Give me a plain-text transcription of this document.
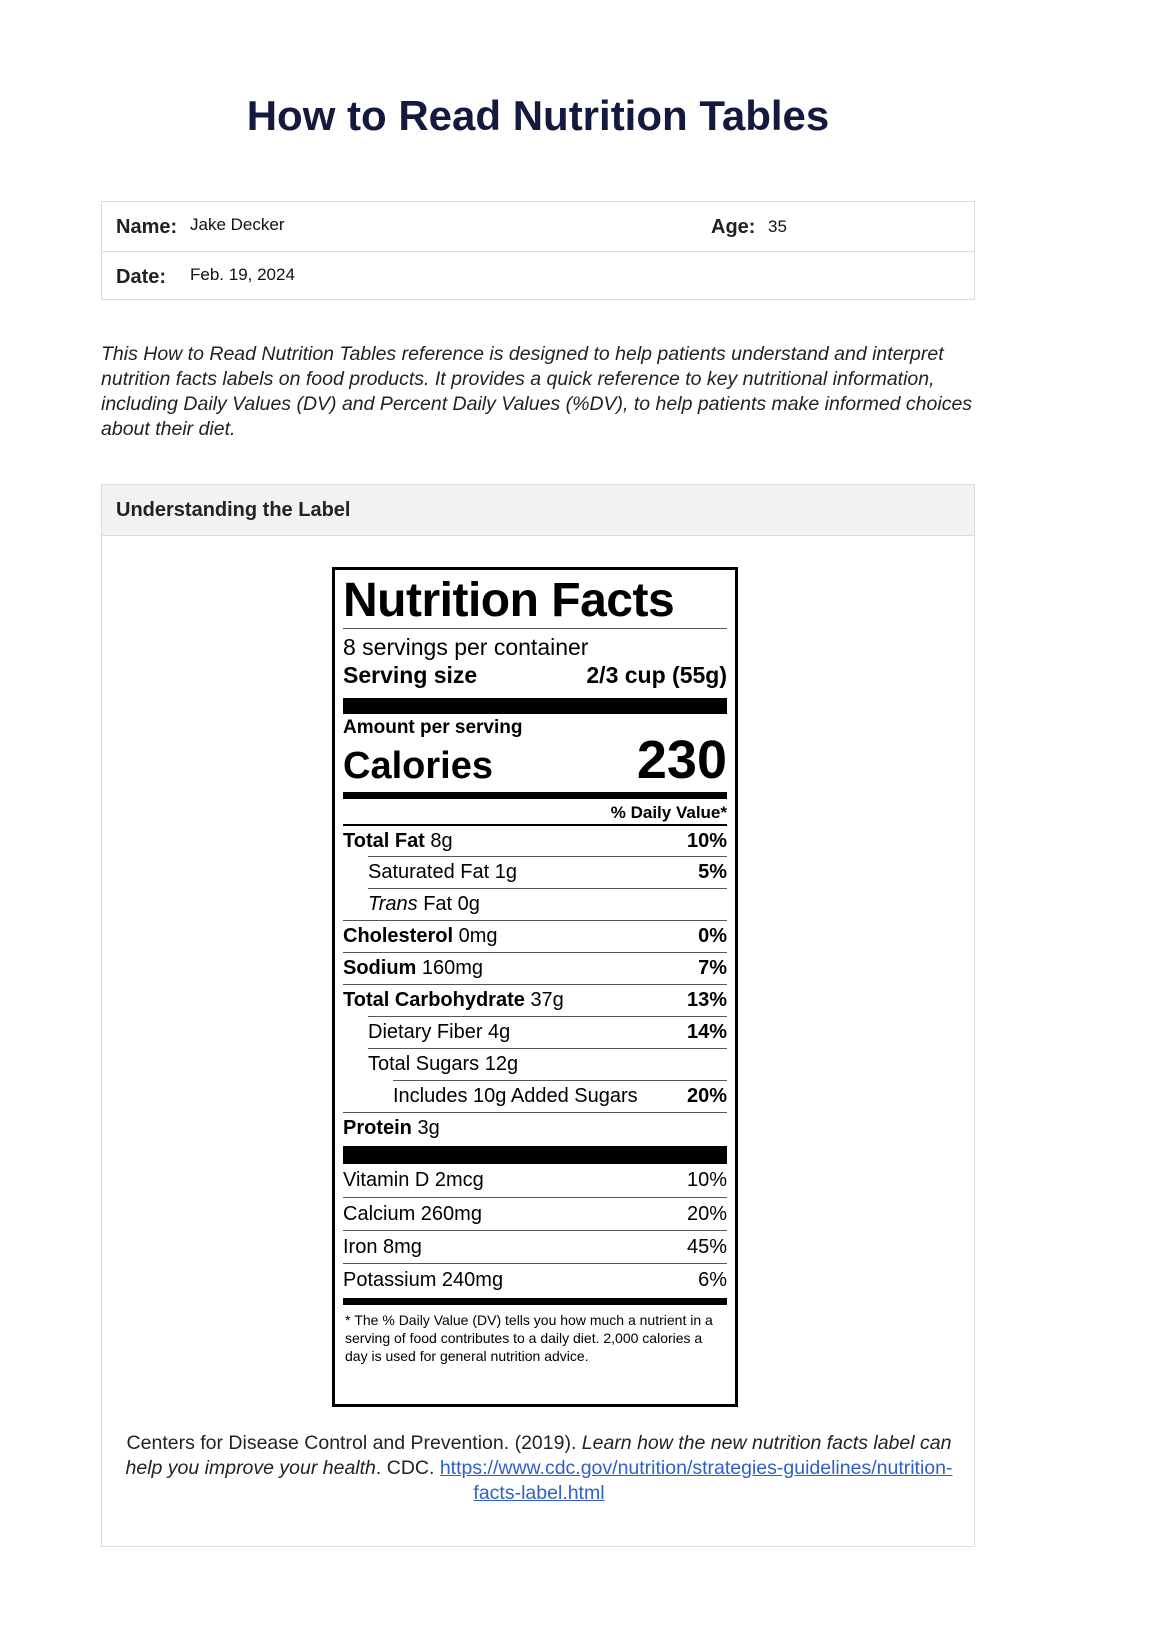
How to Read Nutrition Tables
Name: Jake Decker	Age: 35
Date: Feb. 19, 2024

This How to Read Nutrition Tables reference is designed to help patients understand and interpret nutrition facts labels on food products. It provides a quick reference to key nutritional information, including Daily Values (DV) and Percent Daily Values (%DV), to help patients make informed choices about their diet.

Understanding the Label
Nutrition Facts
8 servings per container
Serving size	2/3 cup (55g)
Amount per serving
Calories	230
% Daily Value*
Total Fat 8g	10%
Saturated Fat 1g	5%
Trans Fat 0g
Cholesterol 0mg	0%
Sodium 160mg	7%
Total Carbohydrate 37g	13%
Dietary Fiber 4g	14%
Total Sugars 12g
Includes 10g Added Sugars 20%
Protein 3g
Vitamin D 2mcg	10%
Calcium 260mg	20%
Iron 8mg	45%
Potassium 240mg	6%
* The % Daily Value (DV) tells you how much a nutrient in a serving of food contributes to a daily diet. 2,000 calories a day is used for general nutrition advice.

Centers for Disease Control and Prevention. (2019). Learn how the new nutrition facts label can help you improve your health. CDC. https://www.cdc.gov/nutrition/strategies-guidelines/nutrition-facts-label.html
